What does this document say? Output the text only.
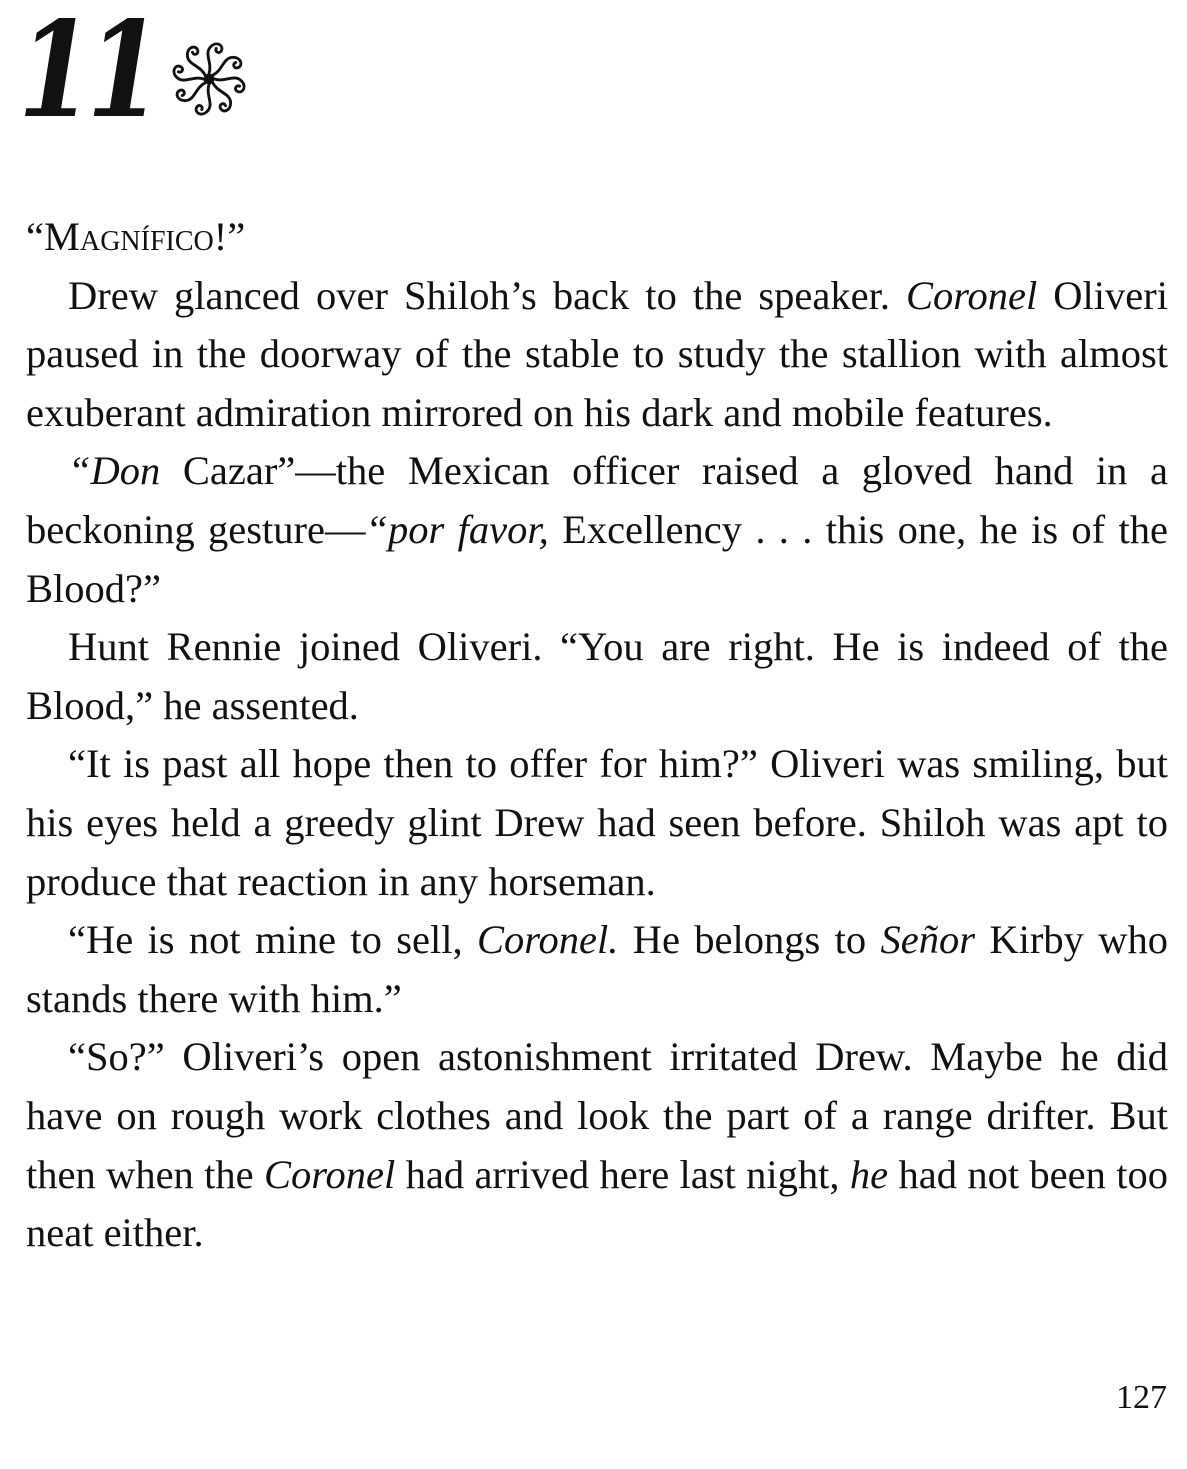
11

“Magnífico!”

Drew glanced over Shiloh’s back to the speaker. Coronel Oliveri paused in the doorway of the stable to study the stallion with almost exuberant admiration mirrored on his dark and mobile features.

“Don Cazar”—the Mexican officer raised a gloved hand in a beckoning gesture—“por favor, Excellency . . . this one, he is of the Blood?”

Hunt Rennie joined Oliveri. “You are right. He is indeed of the Blood,” he assented.

“It is past all hope then to offer for him?” Oliveri was smiling, but his eyes held a greedy glint Drew had seen before. Shiloh was apt to produce that reaction in any horseman.

“He is not mine to sell, Coronel. He belongs to Señor Kirby who stands there with him.”

“So?” Oliveri’s open astonishment irritated Drew. Maybe he did have on rough work clothes and look the part of a range drifter. But then when the Coronel had arrived here last night, he had not been too neat either.

127
